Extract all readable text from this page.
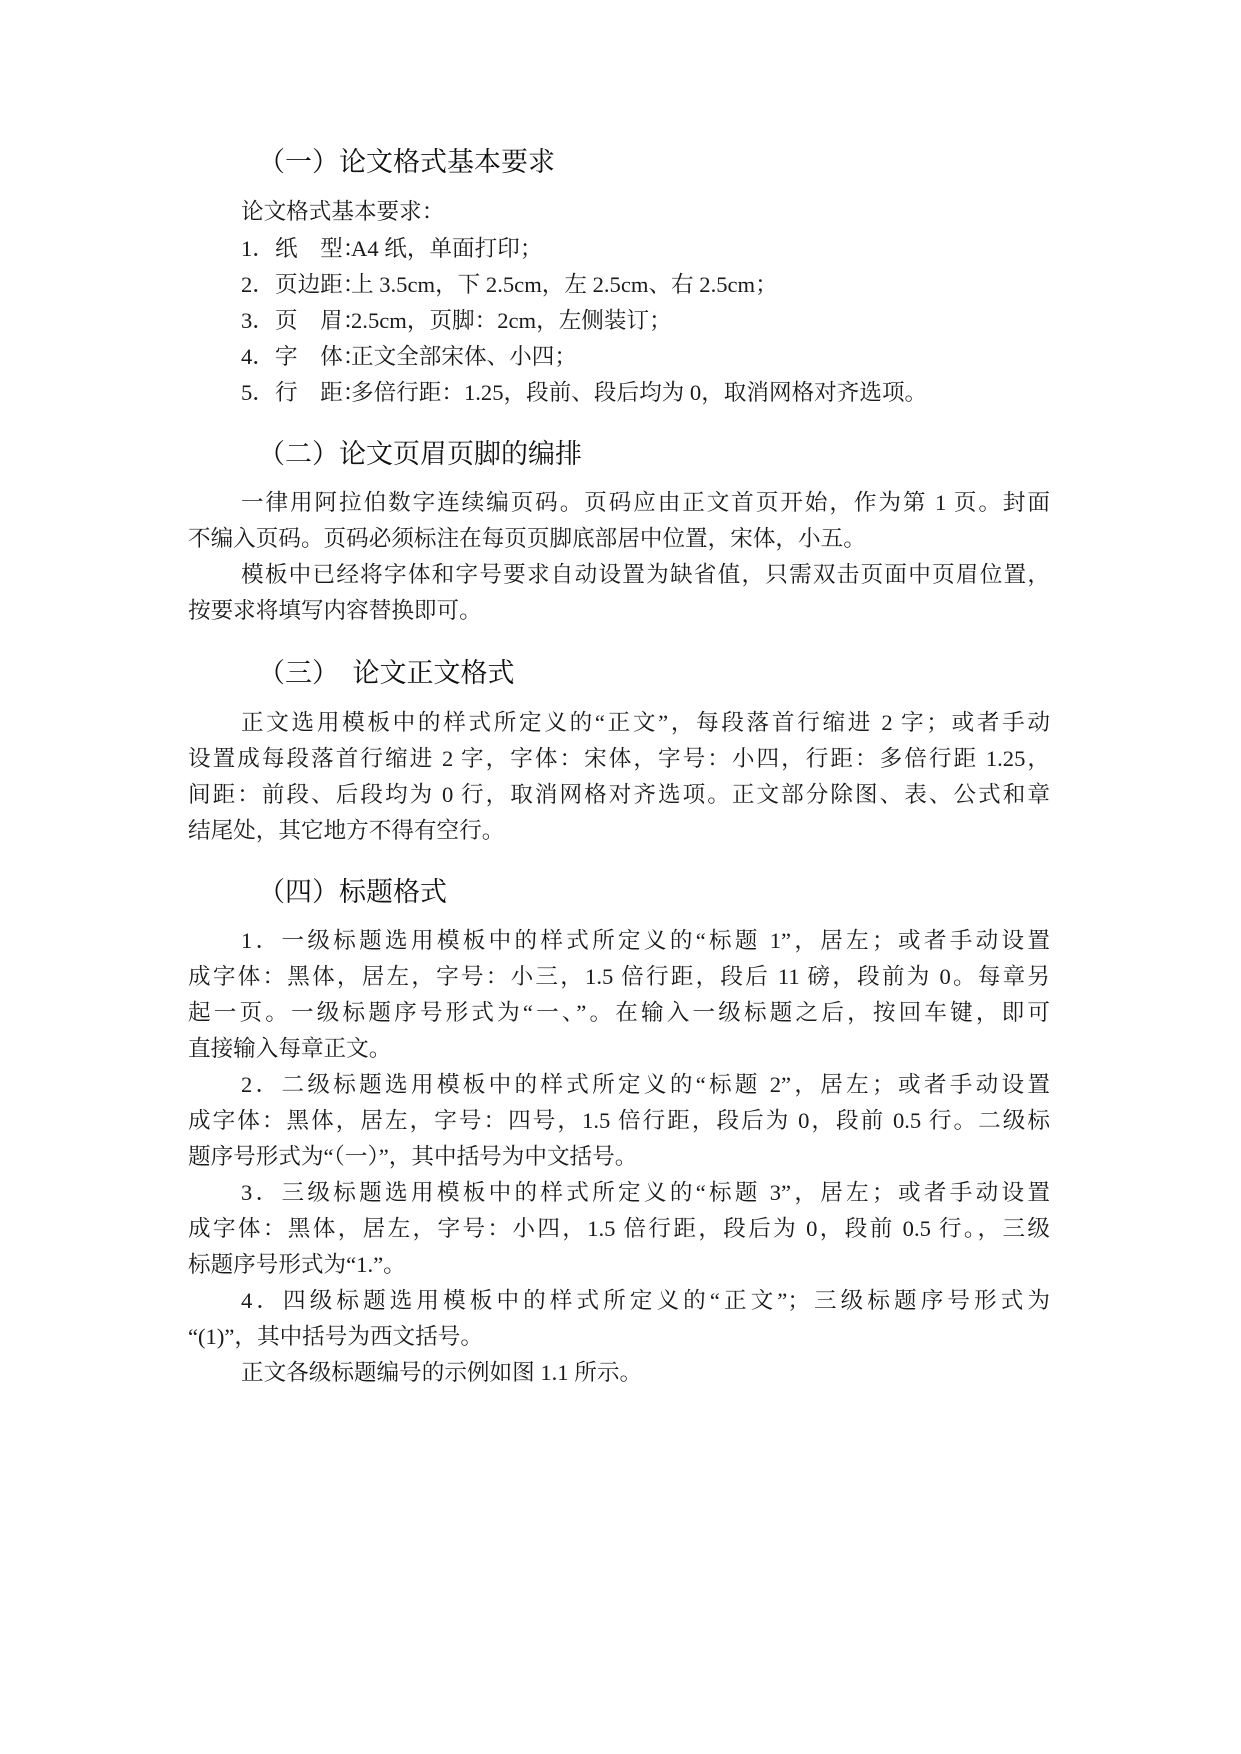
（一）论文格式基本要求
论文格式基本要求：
1．纸　型：A4 纸，单面打印；
2．页边距：上 3.5cm，下 2.5cm，左 2.5cm、右 2.5cm；
3．页　眉：2.5cm，页脚：2cm，左侧装订；
4．字　体：正文全部宋体、小四；
5．行　距：多倍行距：1.25，段前、段后均为 0，取消网格对齐选项。
（二）论文页眉页脚的编排
一律用阿拉伯数字连续编页码。页码应由正文首页开始，作为第 1 页。封面
不编入页码。页码必须标注在每页页脚底部居中位置，宋体，小五。
模板中已经将字体和字号要求自动设置为缺省值，只需双击页面中页眉位置，
按要求将填写内容替换即可。
（三）　论文正文格式
正文选用模板中的样式所定义的“正文”，每段落首行缩进 2 字；或者手动
设置成每段落首行缩进 2 字，字体：宋体，字号：小四，行距：多倍行距 1.25，
间距：前段、后段均为 0 行，取消网格对齐选项。正文部分除图、表、公式和章
结尾处，其它地方不得有空行。
（四）标题格式
1．一级标题选用模板中的样式所定义的“标题 1”，居左；或者手动设置
成字体：黑体，居左，字号：小三，1.5 倍行距，段后 11 磅，段前为 0。每章另
起一页。一级标题序号形式为“一、”。在输入一级标题之后，按回车键，即可
直接输入每章正文。
2．二级标题选用模板中的样式所定义的“标题 2”，居左；或者手动设置
成字体：黑体，居左，字号：四号，1.5 倍行距，段后为 0，段前 0.5 行。二级标
题序号形式为“（一）”，其中括号为中文括号。
3．三级标题选用模板中的样式所定义的“标题 3”，居左；或者手动设置
成字体：黑体，居左，字号：小四，1.5 倍行距，段后为 0，段前 0.5 行。，三级
标题序号形式为“1.”。
4．四级标题选用模板中的样式所定义的“正文”；三级标题序号形式为
“(1)”，其中括号为西文括号。
正文各级标题编号的示例如图 1.1 所示。
